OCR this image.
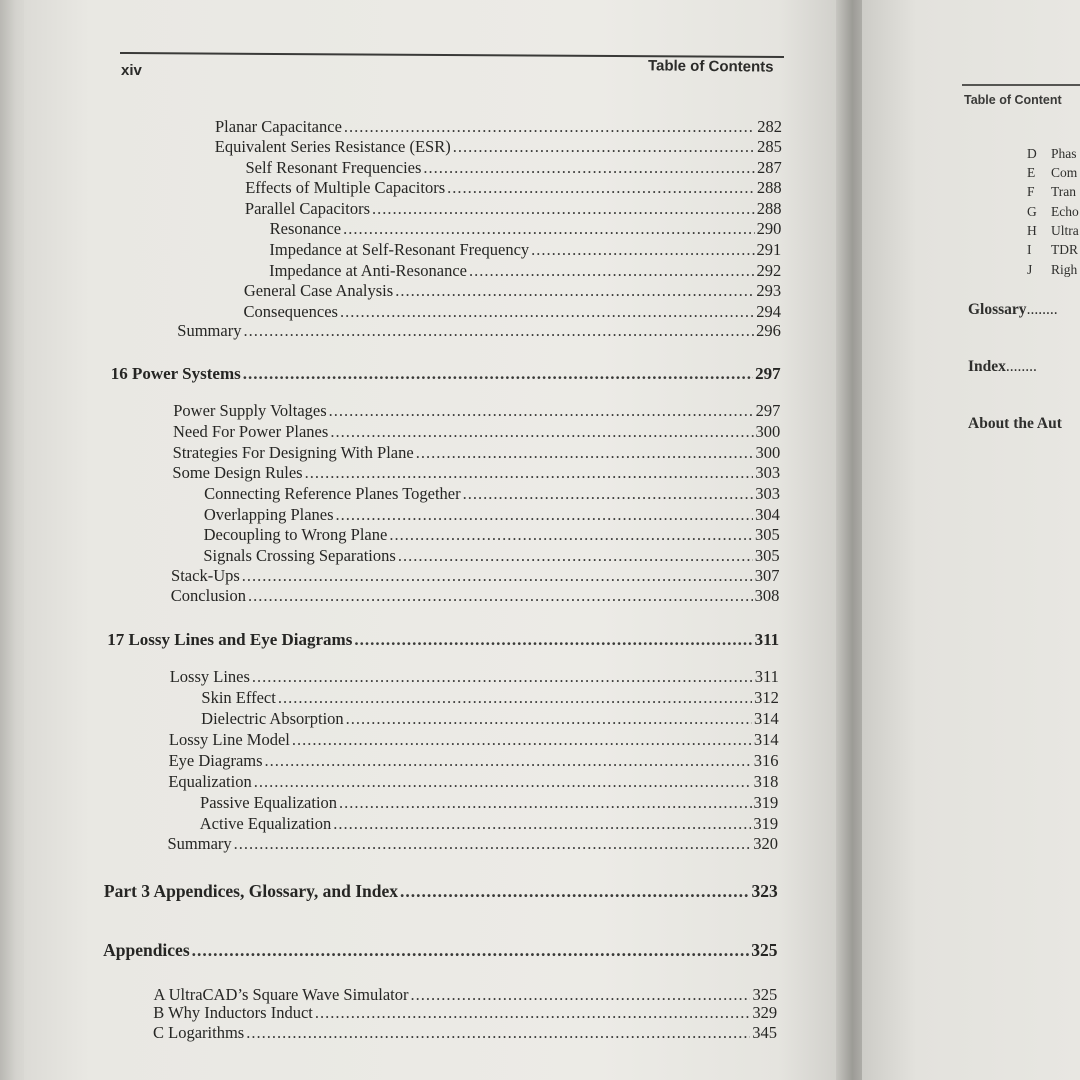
xiv	Table of Contents
Planar Capacitance .....	282
Equivalent Series Resistance (ESR) .....	285
Self Resonant Frequencies .....	287
Effects of Multiple Capacitors .....	288
Parallel Capacitors .....	288
Resonance .....	290
Impedance at Self-Resonant Frequency .....	291
Impedance at Anti-Resonance .....	292
General Case Analysis .....	293
Consequences .....	294
Summary .....	296
16 Power Systems .....	297
Power Supply Voltages .....	297
Need For Power Planes .....	300
Strategies For Designing With Plane .....	300
Some Design Rules .....	303
Connecting Reference Planes Together .....	303
Overlapping Planes .....	304
Decoupling to Wrong Plane .....	305
Signals Crossing Separations .....	305
Stack-Ups .....	307
Conclusion .....	308
17 Lossy Lines and Eye Diagrams .....	311
Lossy Lines .....	311
Skin Effect .....	312
Dielectric Absorption .....	314
Lossy Line Model .....	314
Eye Diagrams .....	316
Equalization .....	318
Passive Equalization .....	319
Active Equalization .....	319
Summary .....	320
Part 3 Appendices, Glossary, and Index .....	323
Appendices .....	325
A UltraCAD’s Square Wave Simulator .....	325
B Why Inductors Induct .....	329
C Logarithms .....	345
Table of Content
D Phas
E Com
F Tran
G Echo
H Ultra
I TDR
J Righ
Glossary........
Index........
About the Aut
